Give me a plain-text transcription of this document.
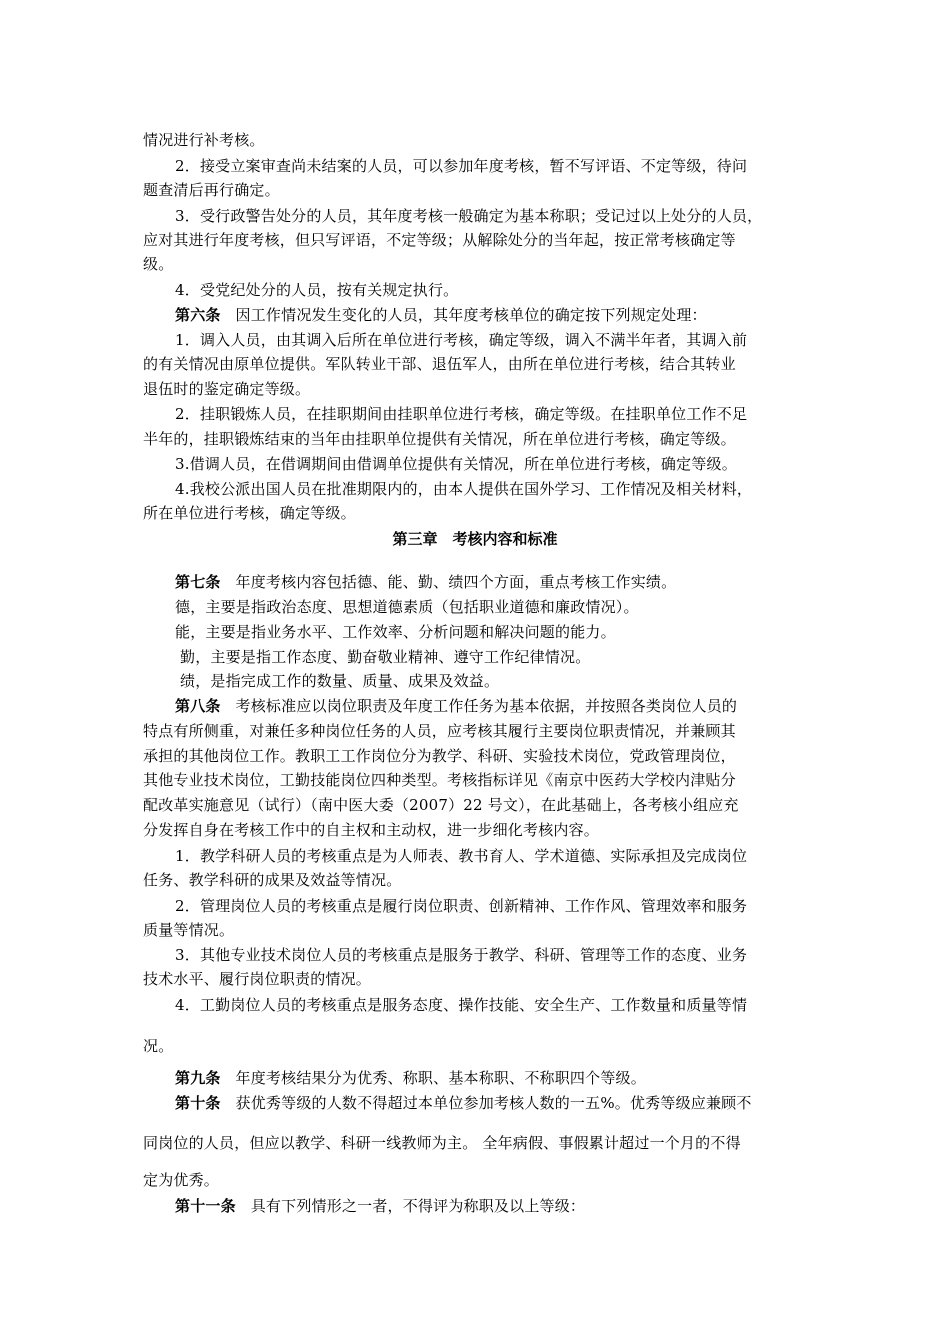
情况进行补考核。
2．接受立案审查尚未结案的人员，可以参加年度考核，暂不写评语、不定等级，待问
题查清后再行确定。
3．受行政警告处分的人员，其年度考核一般确定为基本称职；受记过以上处分的人员，
应对其进行年度考核，但只写评语，不定等级；从解除处分的当年起，按正常考核确定等
级。
4．受党纪处分的人员，按有关规定执行。
第六条 因工作情况发生变化的人员，其年度考核单位的确定按下列规定处理：
1．调入人员，由其调入后所在单位进行考核，确定等级，调入不满半年者，其调入前
的有关情况由原单位提供。军队转业干部、退伍军人，由所在单位进行考核，结合其转业
退伍时的鉴定确定等级。
2．挂职锻炼人员，在挂职期间由挂职单位进行考核，确定等级。在挂职单位工作不足
半年的，挂职锻炼结束的当年由挂职单位提供有关情况，所在单位进行考核，确定等级。
3.借调人员，在借调期间由借调单位提供有关情况，所在单位进行考核，确定等级。
4.我校公派出国人员在批准期限内的，由本人提供在国外学习、工作情况及相关材料，
所在单位进行考核，确定等级。
第三章　考核内容和标准
第七条 年度考核内容包括德、能、勤、绩四个方面，重点考核工作实绩。
德，主要是指政治态度、思想道德素质（包括职业道德和廉政情况）。
能，主要是指业务水平、工作效率、分析问题和解决问题的能力。
勤，主要是指工作态度、勤奋敬业精神、遵守工作纪律情况。
绩，是指完成工作的数量、质量、成果及效益。
第八条 考核标准应以岗位职责及年度工作任务为基本依据，并按照各类岗位人员的
特点有所侧重，对兼任多种岗位任务的人员，应考核其履行主要岗位职责情况，并兼顾其
承担的其他岗位工作。教职工工作岗位分为教学、科研、实验技术岗位，党政管理岗位，
其他专业技术岗位，工勤技能岗位四种类型。考核指标详见《南京中医药大学校内津贴分
配改革实施意见（试行）（南中医大委（2007）22 号文），在此基础上，各考核小组应充
分发挥自身在考核工作中的自主权和主动权，进一步细化考核内容。
1．教学科研人员的考核重点是为人师表、教书育人、学术道德、实际承担及完成岗位
任务、教学科研的成果及效益等情况。
2．管理岗位人员的考核重点是履行岗位职责、创新精神、工作作风、管理效率和服务
质量等情况。
3．其他专业技术岗位人员的考核重点是服务于教学、科研、管理等工作的态度、业务
技术水平、履行岗位职责的情况。
4．工勤岗位人员的考核重点是服务态度、操作技能、安全生产、工作数量和质量等情
况。
第九条 年度考核结果分为优秀、称职、基本称职、不称职四个等级。
第十条 获优秀等级的人数不得超过本单位参加考核人数的一五%。优秀等级应兼顾不
同岗位的人员，但应以教学、科研一线教师为主。 全年病假、事假累计超过一个月的不得
定为优秀。
第十一条 具有下列情形之一者，不得评为称职及以上等级：
